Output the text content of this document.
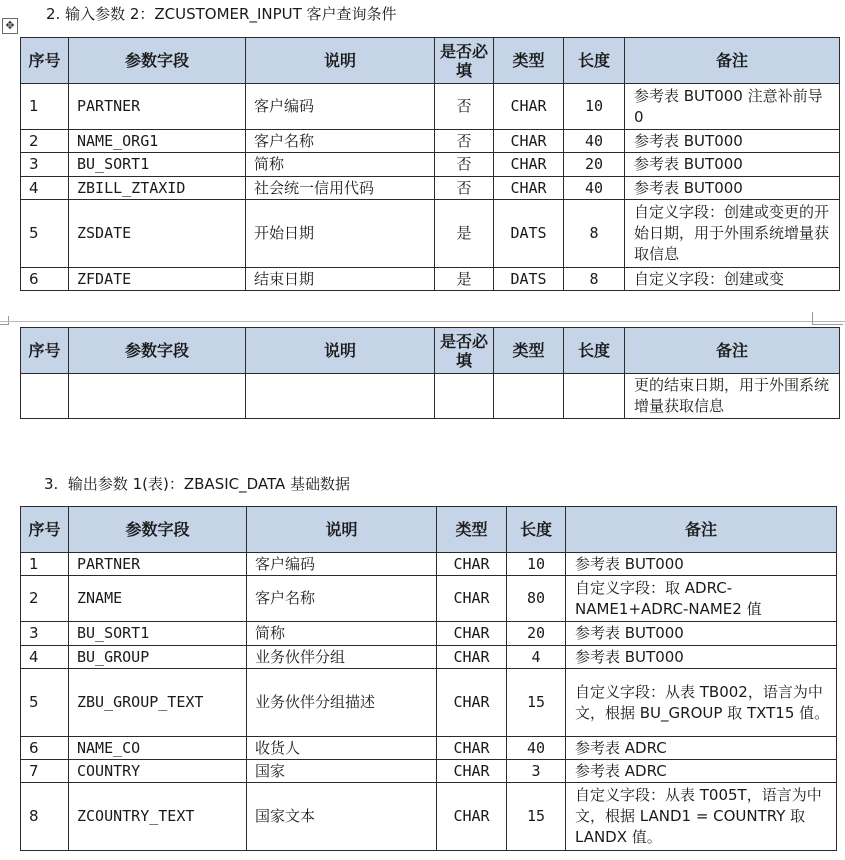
✥
2. 输入参数 2：ZCUSTOMER_INPUT 客户查询条件
序号	参数字段	说明	是否必填	类型	长度	备注
1	PARTNER	客户编码	否	CHAR	10	参考表 BUT000 注意补前导 0
2	NAME_ORG1	客户名称	否	CHAR	40	参考表 BUT000
3	BU_SORT1	简称	否	CHAR	20	参考表 BUT000
4	ZBILL_ZTAXID	社会统一信用代码	否	CHAR	40	参考表 BUT000
5	ZSDATE	开始日期	是	DATS	8	自定义字段：创建或变更的开始日期，用于外围系统增量获取信息
6	ZFDATE	结束日期	是	DATS	8	自定义字段：创建或变
序号	参数字段	说明	是否必填	类型	长度	备注
						更的结束日期，用于外围系统增量获取信息
3.  输出参数 1(表)：ZBASIC_DATA 基础数据
序号	参数字段	说明	类型	长度	备注
1	PARTNER	客户编码	CHAR	10	参考表 BUT000
2	ZNAME	客户名称	CHAR	80	自定义字段：取 ADRC-NAME1+ADRC-NAME2 值
3	BU_SORT1	简称	CHAR	20	参考表 BUT000
4	BU_GROUP	业务伙伴分组	CHAR	4	参考表 BUT000
5	ZBU_GROUP_TEXT	业务伙伴分组描述	CHAR	15	自定义字段：从表 TB002，语言为中文，根据 BU_GROUP 取 TXT15 值。
6	NAME_CO	收货人	CHAR	40	参考表 ADRC
7	COUNTRY	国家	CHAR	3	参考表 ADRC
8	ZCOUNTRY_TEXT	国家文本	CHAR	15	自定义字段：从表 T005T，语言为中文，根据 LAND1 = COUNTRY 取 LANDX 值。
